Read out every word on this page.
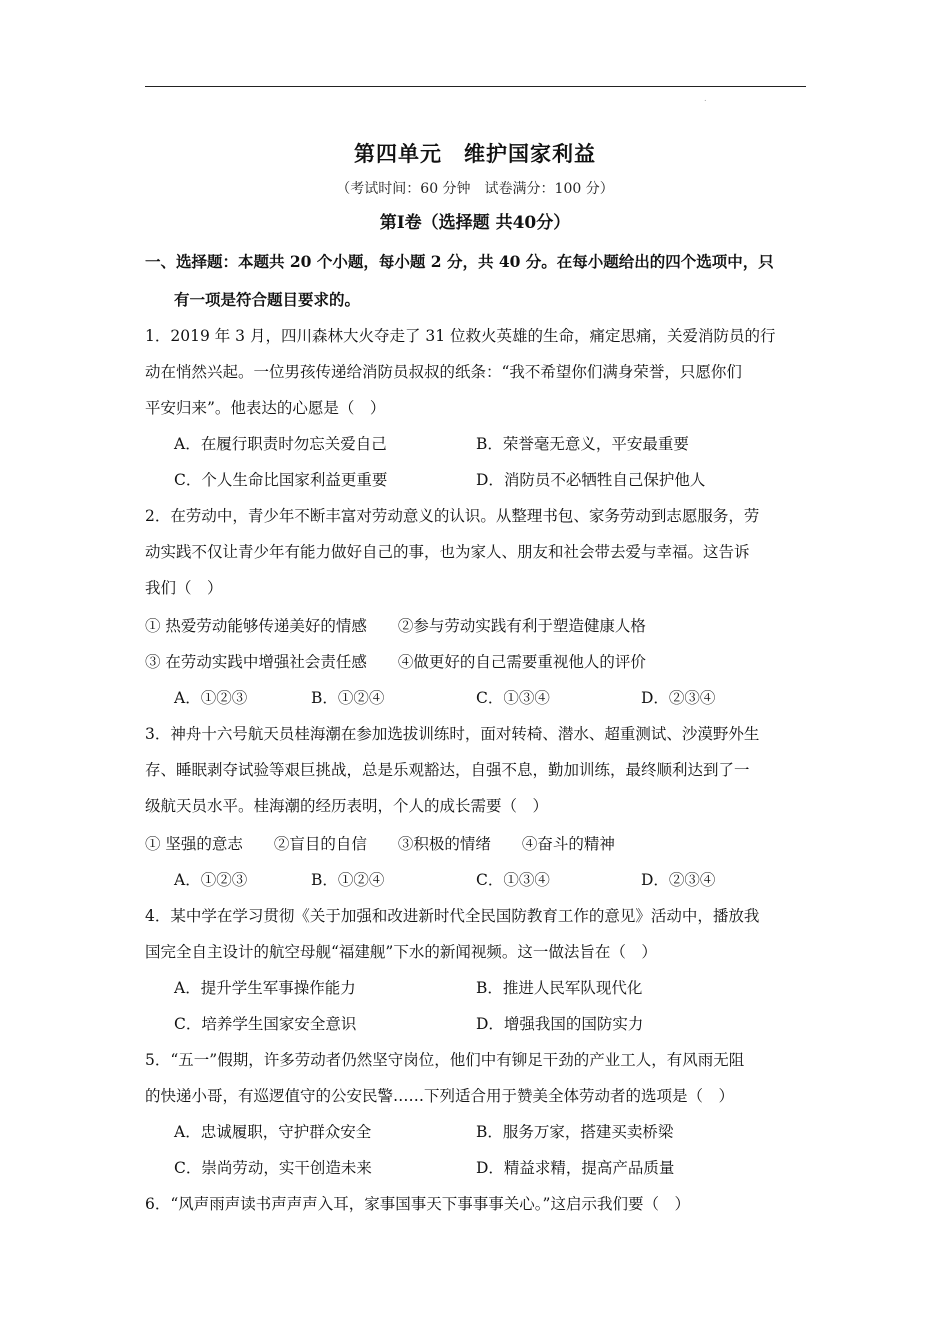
.
第四单元　维护国家利益
（考试时间：60 分钟　试卷满分：100 分）
第Ⅰ卷（选择题 共40分）
一、选择题：本题共 20 个小题，每小题 2 分，共 40 分。在每小题给出的四个选项中，只
有一项是符合题目要求的。
1．2019 年 3 月，四川森林大火夺走了 31 位救火英雄的生命，痛定思痛，关爱消防员的行
动在悄然兴起。一位男孩传递给消防员叔叔的纸条：“我不希望你们满身荣誉，只愿你们
平安归来”。他表达的心愿是（　）
A．在履行职责时勿忘关爱自己	B．荣誉毫无意义，平安最重要
C．个人生命比国家利益更重要	D．消防员不必牺牲自己保护他人
2．在劳动中，青少年不断丰富对劳动意义的认识。从整理书包、家务劳动到志愿服务，劳
动实践不仅让青少年有能力做好自己的事，也为家人、朋友和社会带去爱与幸福。这告诉
我们（　）
① 热爱劳动能够传递美好的情感　　②参与劳动实践有利于塑造健康人格
③ 在劳动实践中增强社会责任感　　④做更好的自己需要重视他人的评价
A．①②③	B．①②④	C．①③④	D．②③④
3．神舟十六号航天员桂海潮在参加选拔训练时，面对转椅、潜水、超重测试、沙漠野外生
存、睡眠剥夺试验等艰巨挑战，总是乐观豁达，自强不息，勤加训练，最终顺利达到了一
级航天员水平。桂海潮的经历表明，个人的成长需要（　）
① 坚强的意志　　②盲目的自信　　③积极的情绪　　④奋斗的精神
A．①②③	B．①②④	C．①③④	D．②③④
4．某中学在学习贯彻《关于加强和改进新时代全民国防教育工作的意见》活动中，播放我
国完全自主设计的航空母舰“福建舰”下水的新闻视频。这一做法旨在（　）
A．提升学生军事操作能力	B．推进人民军队现代化
C．培养学生国家安全意识	D．增强我国的国防实力
5．“五一”假期，许多劳动者仍然坚守岗位，他们中有铆足干劲的产业工人，有风雨无阻
的快递小哥，有巡逻值守的公安民警……下列适合用于赞美全体劳动者的选项是（　）
A．忠诚履职，守护群众安全	B．服务万家，搭建买卖桥梁
C．崇尚劳动，实干创造未来	D．精益求精，提高产品质量
6．“风声雨声读书声声声入耳，家事国事天下事事事关心。”这启示我们要（　）
